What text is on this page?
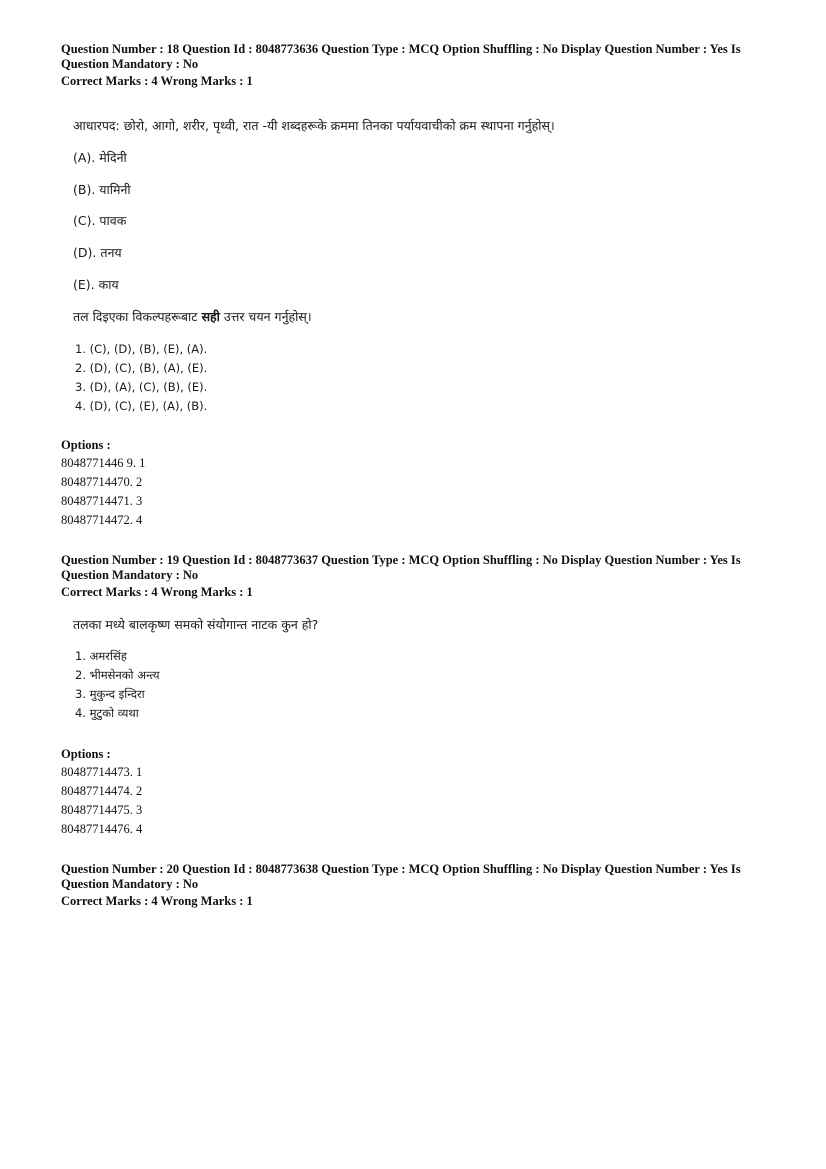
Question Number : 18 Question Id : 8048773636 Question Type : MCQ Option Shuffling : No Display Question Number : Yes Is
Question Mandatory : No
Correct Marks : 4 Wrong Marks : 1
आधारपद: छोरो, आगो, शरीर, पृथ्वी, रात -यी शब्दहरूके क्रममा तिनका पर्यायवाचीको क्रम स्थापना गर्नुहोस्।
(A). मेदिनी
(B). यामिनी
(C). पावक
(D). तनय
(E). काय
तल दिइएका विकल्पहरूबाट सही उत्तर चयन गर्नुहोस्।
1. (C), (D), (B), (E), (A).
2. (D), (C), (B), (A), (E).
3. (D), (A), (C), (B), (E).
4. (D), (C), (E), (A), (B).
Options :
8048771446 9. 1
80487714470. 2
80487714471. 3
80487714472. 4
Question Number : 19 Question Id : 8048773637 Question Type : MCQ Option Shuffling : No Display Question Number : Yes Is
Question Mandatory : No
Correct Marks : 4 Wrong Marks : 1
तलका मध्ये बालकृष्ण समको संयोगान्त नाटक कुन हो?
1. अमरसिंह
2. भीमसेनको अन्त्य
3. मुकुन्द इन्दिरा
4. मुटुको व्यथा
Options :
80487714473. 1
80487714474. 2
80487714475. 3
80487714476. 4
Question Number : 20 Question Id : 8048773638 Question Type : MCQ Option Shuffling : No Display Question Number : Yes Is
Question Mandatory : No
Correct Marks : 4 Wrong Marks : 1
